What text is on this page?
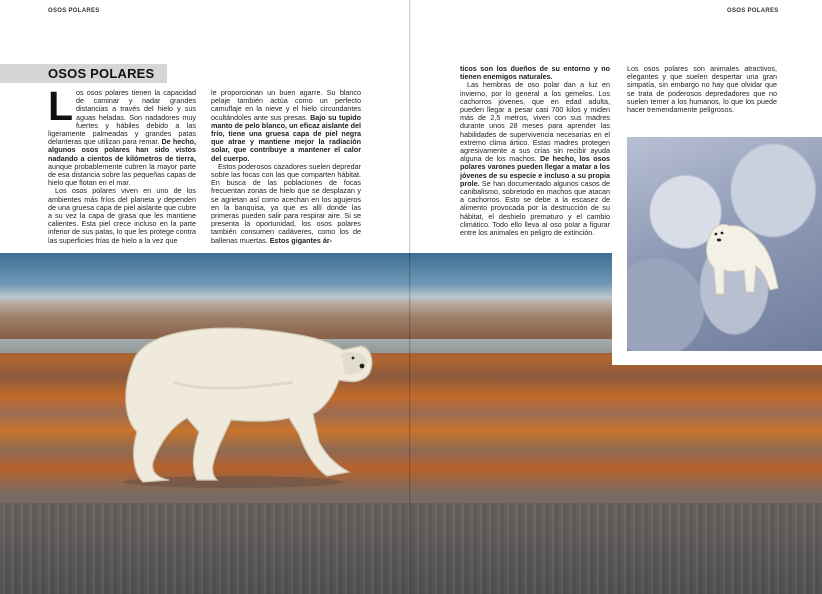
OSOS POLARES	OSOS POLARES
OSOS POLARES

Los osos polares tienen la capacidad de caminar y nadar grandes distancias a través del hielo y sus aguas heladas. Son nadadores muy fuertes y hábiles debido a las ligeramente palmeadas y grandes patas delanteras que utilizan para remar. De hecho, algunos osos polares han sido vistos nadando a cientos de kilómetros de tierra, aunque probablemente cubren la mayor parte de esa distancia sobre las pequeñas capas de hielo que flotan en el mar.

Los osos polares viven en uno de los ambientes más fríos del planeta y dependen de una gruesa capa de piel aislante que cubre a su vez la capa de grasa que les mantiene calientes. Esta piel crece incluso en la parte inferior de sus patas, lo que les protege contra las superficies frías de hielo a la vez que

le proporcionan un buen agarre. Su blanco pelaje también actúa como un perfecto camuflaje en la nieve y el hielo circundantes ocultándoles ante sus presas. Bajo su tupido manto de pelo blanco, un eficaz aislante del frío, tiene una gruesa capa de piel negra que atrae y mantiene mejor la radiación solar, que contribuye a mantener el calor del cuerpo.

Estos poderosos cazadores suelen depredar sobre las focas con las que comparten hábitat. En busca de las poblaciones de focas frecuentan zonas de hielo que se desplazan y se agrietan así como acechan en los agujeros en la banquisa, ya que es allí donde las primeras pueden salir para respirar aire. Si se presenta la oportunidad, los osos polares también consumen cadáveres, como los de ballenas muertas. Estos gigantes ár-

ticos son los dueños de su entorno y no tienen enemigos naturales.

Las hembras de oso polar dan a luz en invierno, por lo general a los gemelos. Los cachorros jóvenes, que en edad adulta, pueden llegar a pesar casi 700 kilos y miden más de 2,5 metros, viven con sus madres durante unos 28 meses para aprender las habilidades de supervivencia necesarias en el extremo clima ártico. Estas madres protegen agresivamente a sus crías sin recibir ayuda alguna de los machos. De hecho, los osos polares varones pueden llegar a matar a los jóvenes de su especie e incluso a su propia prole. Se han documentado algunos casos de canibalismo, sobretodo en machos que atacan a cachorros. Esto se debe a la escasez de alimento provocada por la destrucción de su hábitat, el deshielo prematuro y el cambio climático. Todo ello lleva al oso polar a figurar entre los animales en peligro de extinción.

Los osos polares son animales atractivos, elegantes y que suelen despertar una gran simpatía, sin embargo no hay que olvidar que se trata de poderosos depredadores que no suelen temer a los humanos, lo que los puede hacer tremendamente peligrosos.
